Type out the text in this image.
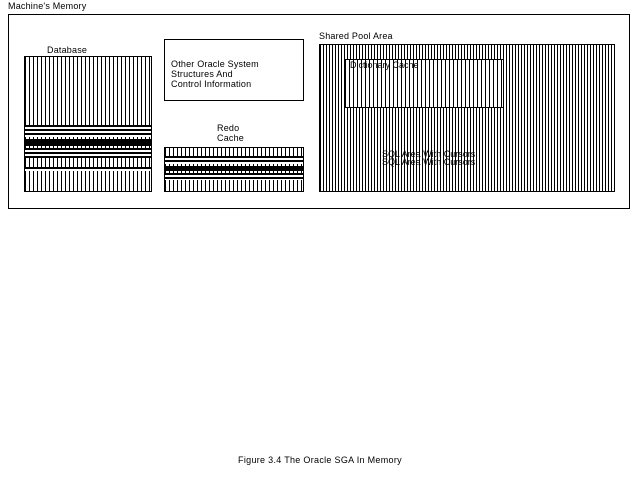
Machine's Memory
Database

Other Oracle System
Structures And
Control Information
Redo
Cache
Shared Pool Area
Dictionary Cache
SQL Area With Cursors
SQL Area With Cursors
Figure 3.4 The Oracle SGA In Memory
